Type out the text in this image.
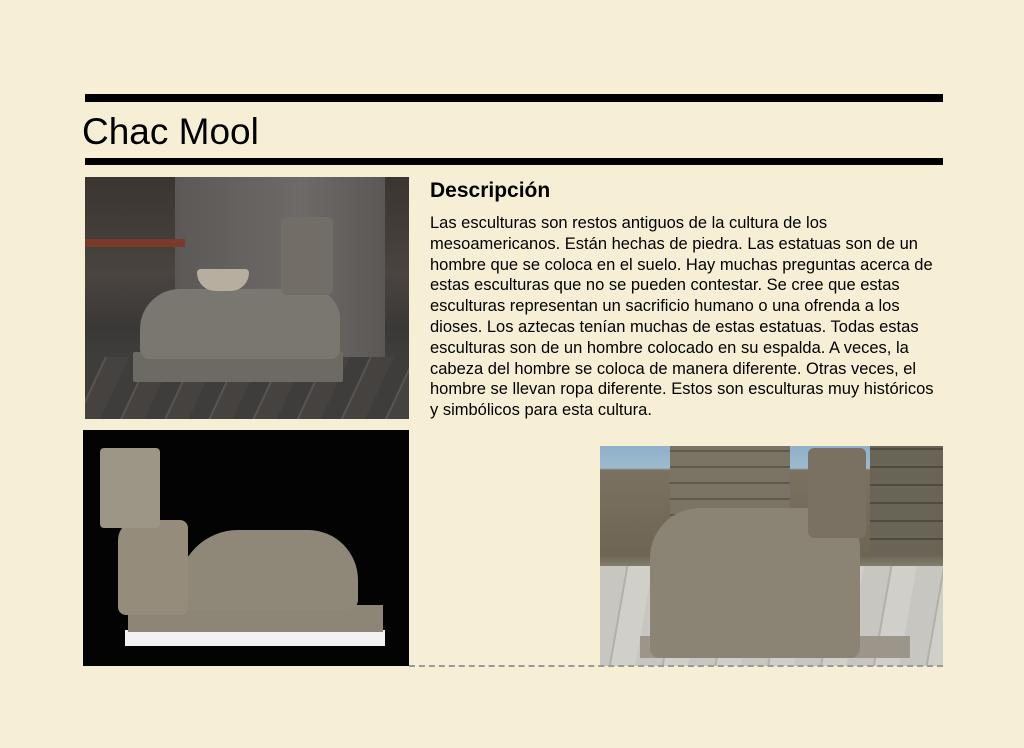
Chac Mool
Descripción

Las esculturas son restos antiguos de la cultura de los mesoamericanos. Están hechas de piedra. Las estatuas son de un hombre que se coloca en el suelo. Hay muchas preguntas acerca de estas esculturas que no se pueden contestar. Se cree que estas esculturas representan un sacrificio humano o una ofrenda a los dioses. Los aztecas tenían muchas de estas estatuas. Todas estas esculturas son de un hombre colocado en su espalda. A veces, la cabeza del hombre se coloca de manera diferente. Otras veces, el hombre se llevan ropa diferente. Estos son esculturas muy históricos y simbólicos para esta cultura.
